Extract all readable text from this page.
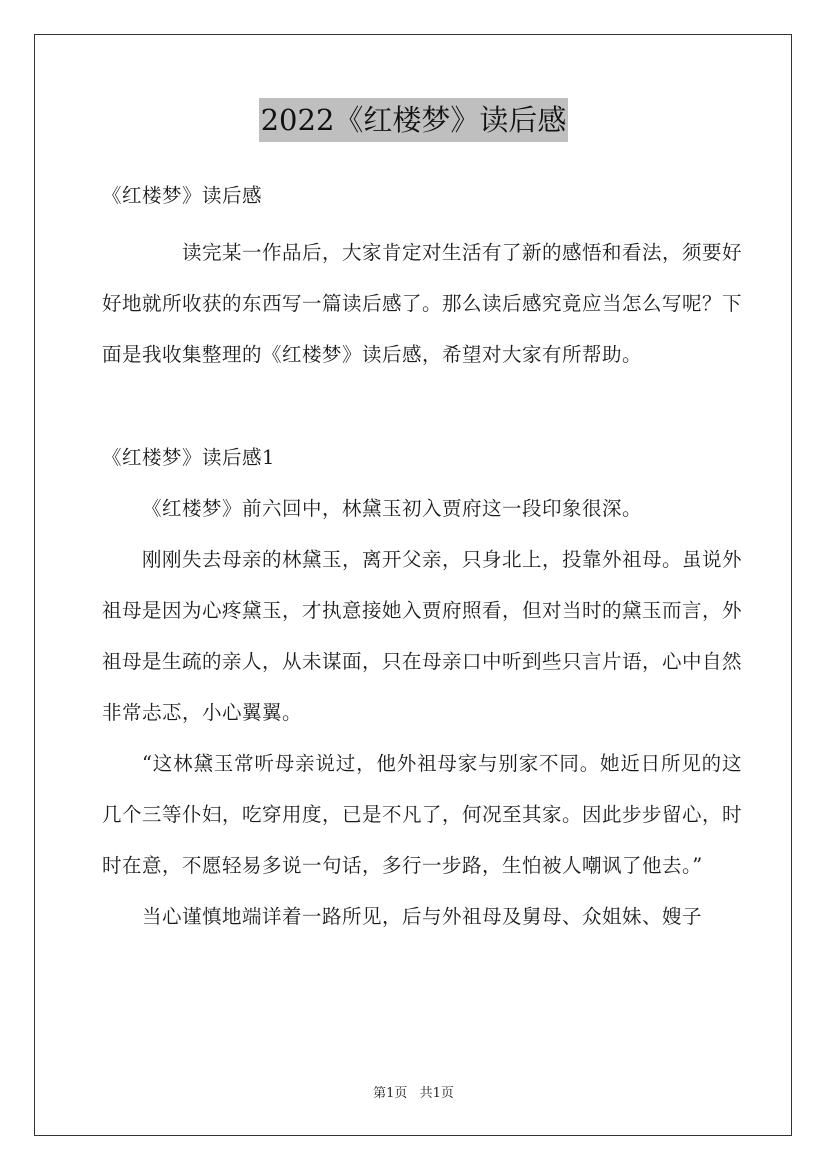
2022《红楼梦》读后感

《红楼梦》读后感

读完某一作品后，大家肯定对生活有了新的感悟和看法，须要好好地就所收获的东西写一篇读后感了。那么读后感究竟应当怎么写呢？下面是我收集整理的《红楼梦》读后感，希望对大家有所帮助。

《红楼梦》读后感1

《红楼梦》前六回中，林黛玉初入贾府这一段印象很深。

刚刚失去母亲的林黛玉，离开父亲，只身北上，投靠外祖母。虽说外祖母是因为心疼黛玉，才执意接她入贾府照看，但对当时的黛玉而言，外祖母是生疏的亲人，从未谋面，只在母亲口中听到些只言片语，心中自然非常忐忑，小心翼翼。

“这林黛玉常听母亲说过，他外祖母家与别家不同。她近日所见的这几个三等仆妇，吃穿用度，已是不凡了，何况至其家。因此步步留心，时时在意，不愿轻易多说一句话，多行一步路，生怕被人嘲讽了他去。”

当心谨慎地端详着一路所见，后与外祖母及舅母、众姐妹、嫂子

第1页 共1页
